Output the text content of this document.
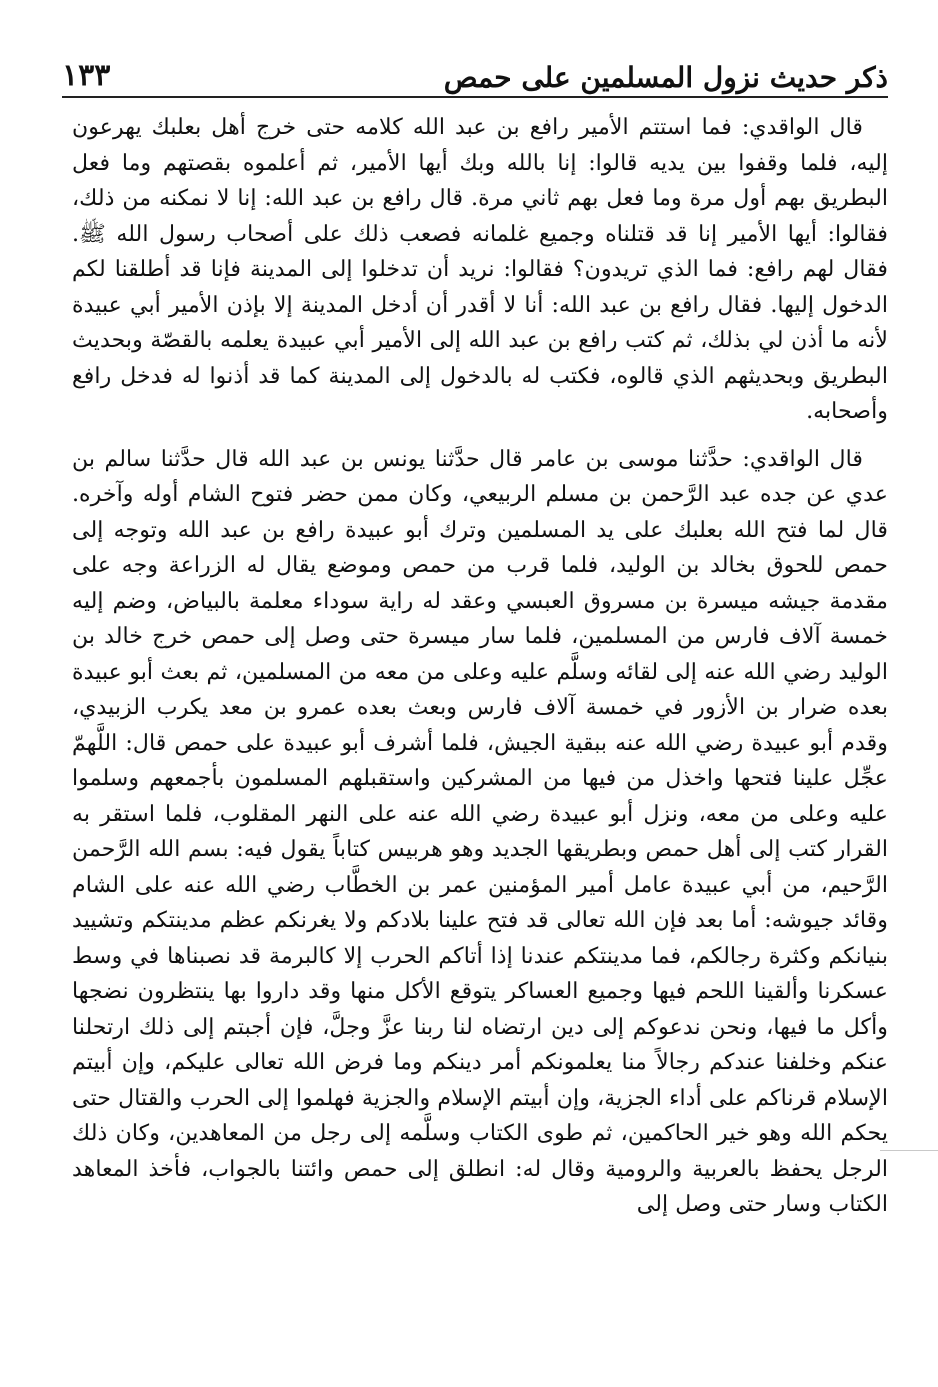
ذكر حديث نزول المسلمين على حمص
١٣٣

قال الواقدي: فما استتم الأمير رافع بن عبد الله كلامه حتى خرج أهل بعلبك يهرعون إليه، فلما وقفوا بين يديه قالوا: إنا بالله وبك أيها الأمير، ثم أعلموه بقصتهم وما فعل البطريق بهم أول مرة وما فعل بهم ثاني مرة. قال رافع بن عبد الله: إنا لا نمكنه من ذلك، فقالوا: أيها الأمير إنا قد قتلناه وجميع غلمانه فصعب ذلك على أصحاب رسول الله ﷺ. فقال لهم رافع: فما الذي تريدون؟ فقالوا: نريد أن تدخلوا إلى المدينة فإنا قد أطلقنا لكم الدخول إليها. فقال رافع بن عبد الله: أنا لا أقدر أن أدخل المدينة إلا بإذن الأمير أبي عبيدة لأنه ما أذن لي بذلك، ثم كتب رافع بن عبد الله إلى الأمير أبي عبيدة يعلمه بالقصّة وبحديث البطريق وبحديثهم الذي قالوه، فكتب له بالدخول إلى المدينة كما قد أذنوا له فدخل رافع وأصحابه.

قال الواقدي: حدَّثنا موسى بن عامر قال حدَّثنا يونس بن عبد الله قال حدَّثنا سالم بن عدي عن جده عبد الرَّحمن بن مسلم الربيعي، وكان ممن حضر فتوح الشام أوله وآخره. قال لما فتح الله بعلبك على يد المسلمين وترك أبو عبيدة رافع بن عبد الله وتوجه إلى حمص للحوق بخالد بن الوليد، فلما قرب من حمص وموضع يقال له الزراعة وجه على مقدمة جيشه ميسرة بن مسروق العبسي وعقد له راية سوداء معلمة بالبياض، وضم إليه خمسة آلاف فارس من المسلمين، فلما سار ميسرة حتى وصل إلى حمص خرج خالد بن الوليد رضي الله عنه إلى لقائه وسلَّم عليه وعلى من معه من المسلمين، ثم بعث أبو عبيدة بعده ضرار بن الأزور في خمسة آلاف فارس وبعث بعده عمرو بن معد يكرب الزبيدي، وقدم أبو عبيدة رضي الله عنه ببقية الجيش، فلما أشرف أبو عبيدة على حمص قال: اللَّهمّ عجِّل علينا فتحها واخذل من فيها من المشركين واستقبلهم المسلمون بأجمعهم وسلموا عليه وعلى من معه، ونزل أبو عبيدة رضي الله عنه على النهر المقلوب، فلما استقر به القرار كتب إلى أهل حمص وبطريقها الجديد وهو هربيس كتاباً يقول فيه: بسم الله الرَّحمن الرَّحيم، من أبي عبيدة عامل أمير المؤمنين عمر بن الخطَّاب رضي الله عنه على الشام وقائد جيوشه: أما بعد فإن الله تعالى قد فتح علينا بلادكم ولا يغرنكم عظم مدينتكم وتشييد بنيانكم وكثرة رجالكم، فما مدينتكم عندنا إذا أتاكم الحرب إلا كالبرمة قد نصبناها في وسط عسكرنا وألقينا اللحم فيها وجميع العساكر يتوقع الأكل منها وقد داروا بها ينتظرون نضجها وأكل ما فيها، ونحن ندعوكم إلى دين ارتضاه لنا ربنا عزَّ وجلَّ، فإن أجبتم إلى ذلك ارتحلنا عنكم وخلفنا عندكم رجالاً منا يعلمونكم أمر دينكم وما فرض الله تعالى عليكم، وإن أبيتم الإسلام قرناكم على أداء الجزية، وإن أبيتم الإسلام والجزية فهلموا إلى الحرب والقتال حتى يحكم الله وهو خير الحاكمين، ثم طوى الكتاب وسلَّمه إلى رجل من المعاهدين، وكان ذلك الرجل يحفظ بالعربية والرومية وقال له: انطلق إلى حمص وائتنا بالجواب، فأخذ المعاهد الكتاب وسار حتى وصل إلى
